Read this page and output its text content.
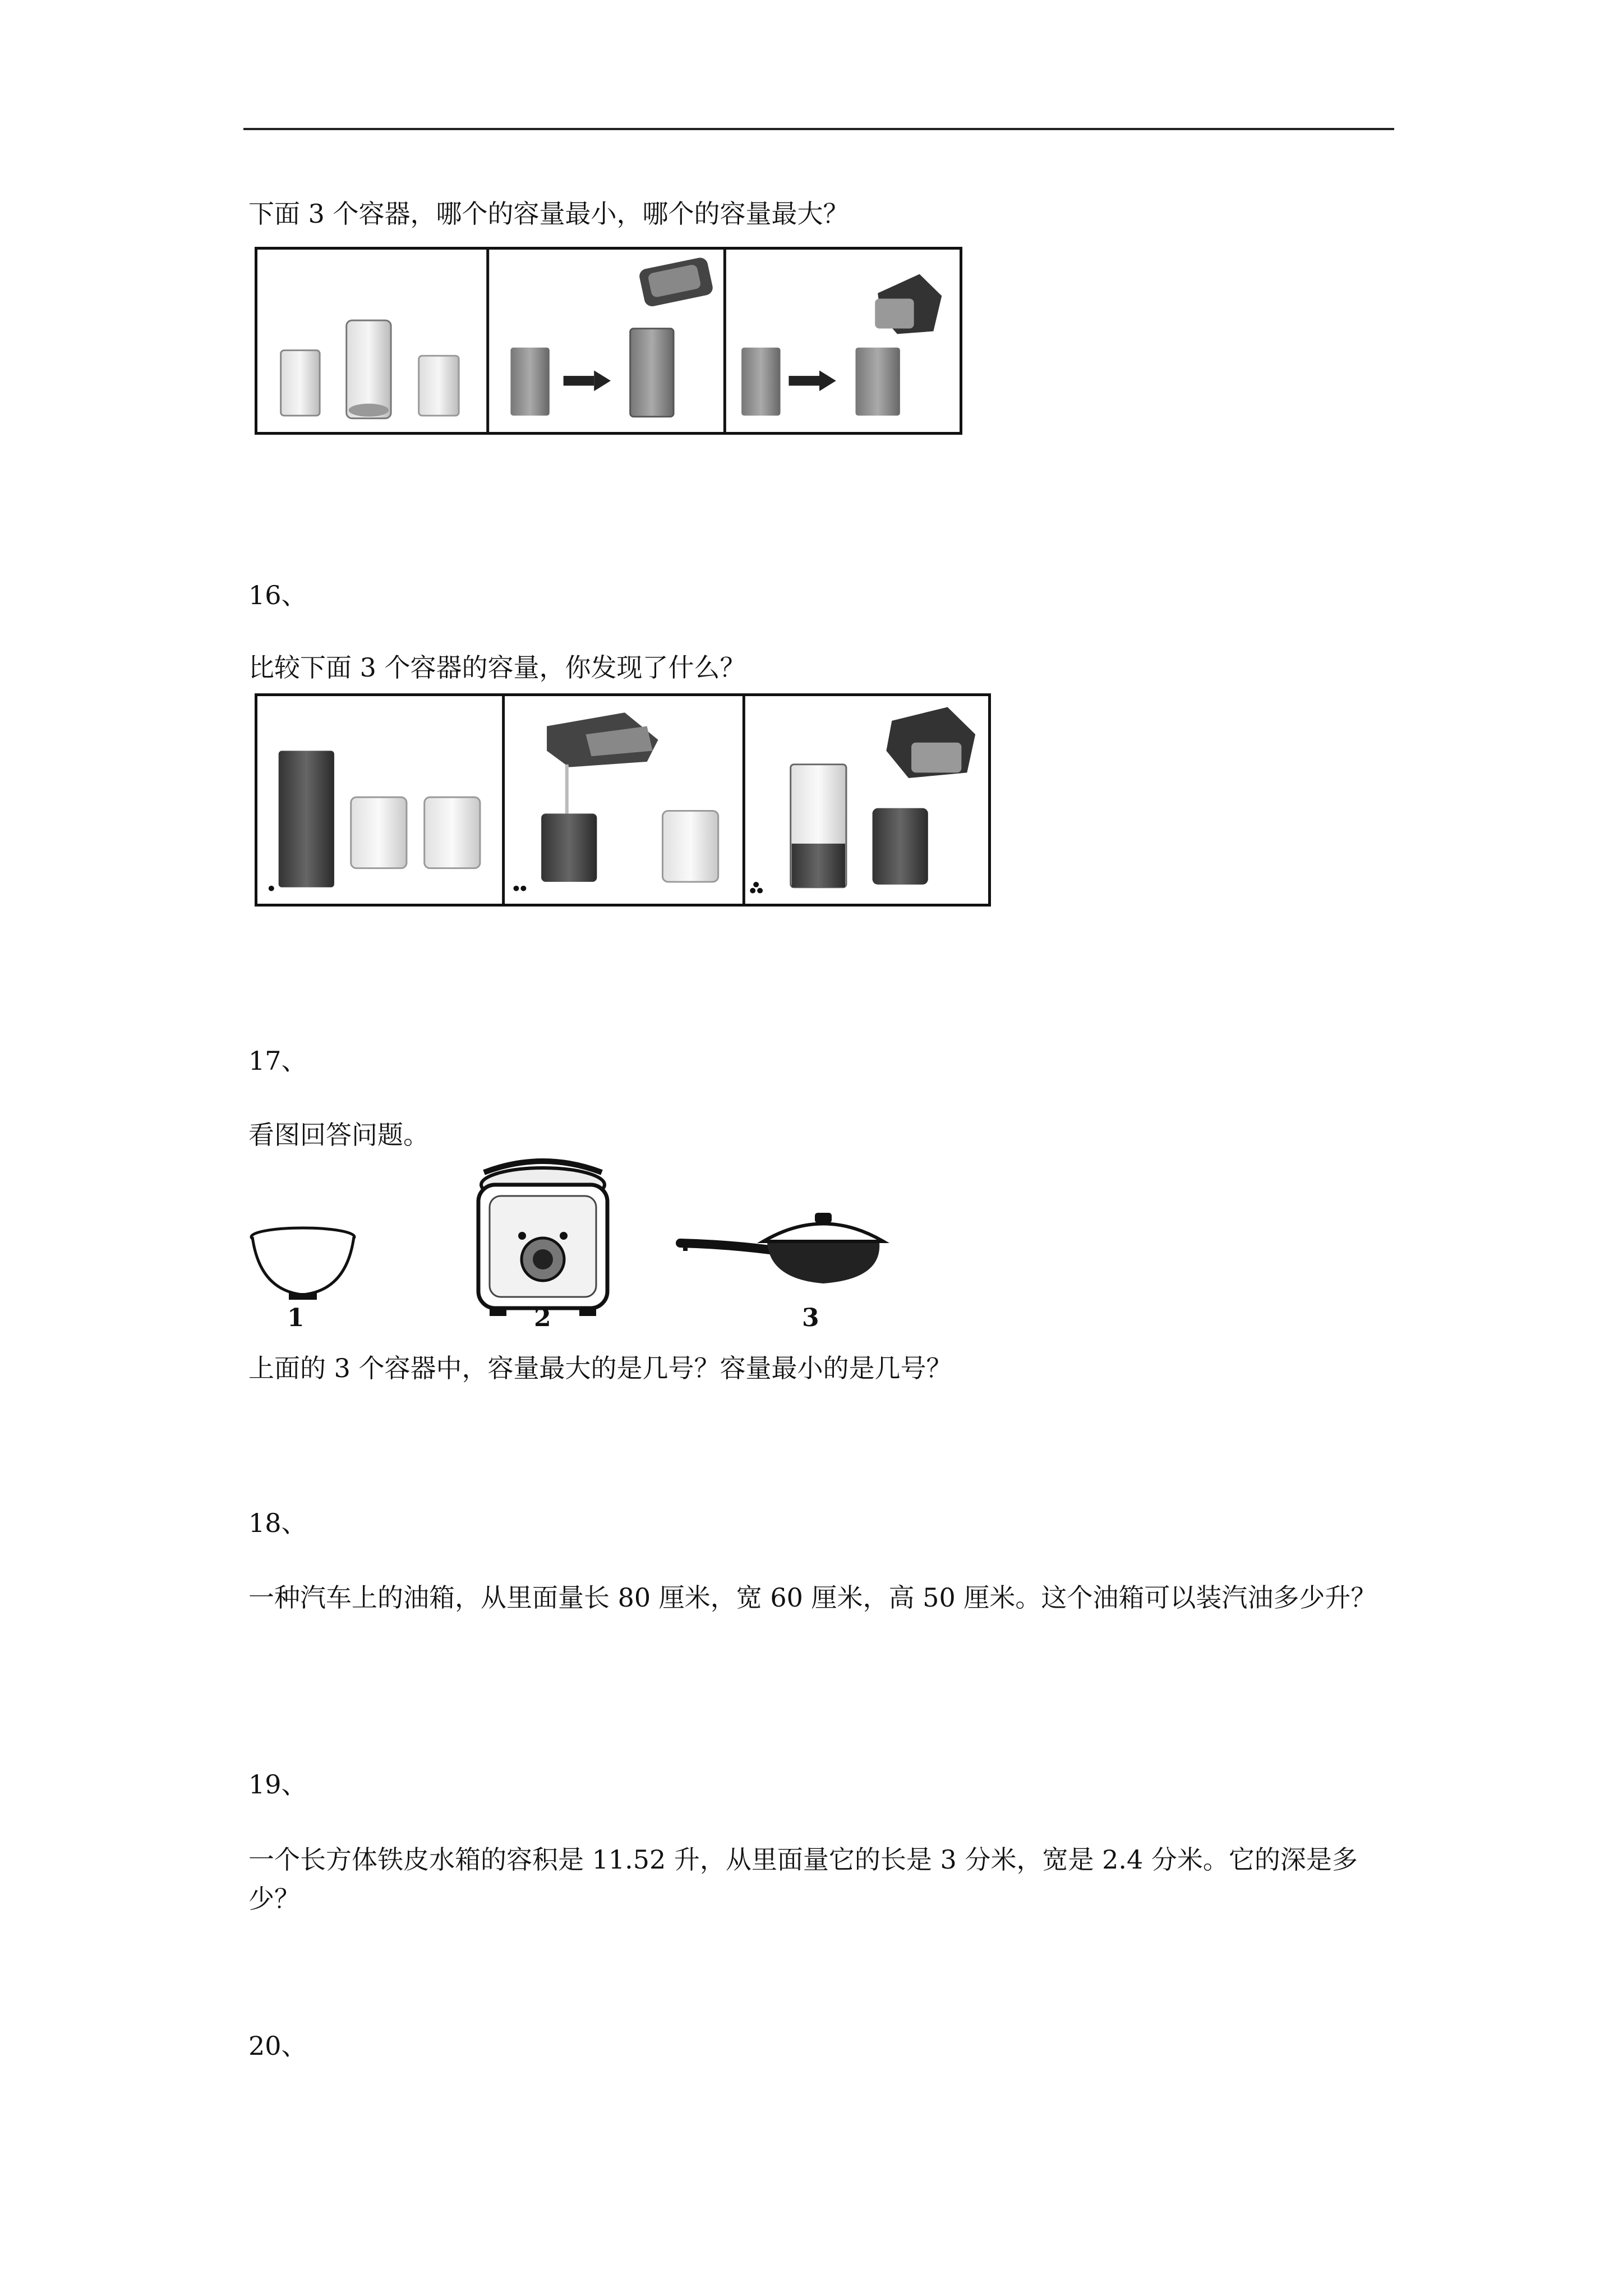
下面 3 个容器，哪个的容量最小，哪个的容量最大？
16、
比较下面 3 个容器的容量，你发现了什么？
17、
看图回答问题。
1	2	3
上面的 3 个容器中，容量最大的是几号？容量最小的是几号？
18、
一种汽车上的油箱，从里面量长 80 厘米，宽 60 厘米，高 50 厘米。这个油箱可以装汽油多少升？
19、
一个长方体铁皮水箱的容积是 11.52 升，从里面量它的长是 3 分米，宽是 2.4 分米。它的深是多少？
20、
